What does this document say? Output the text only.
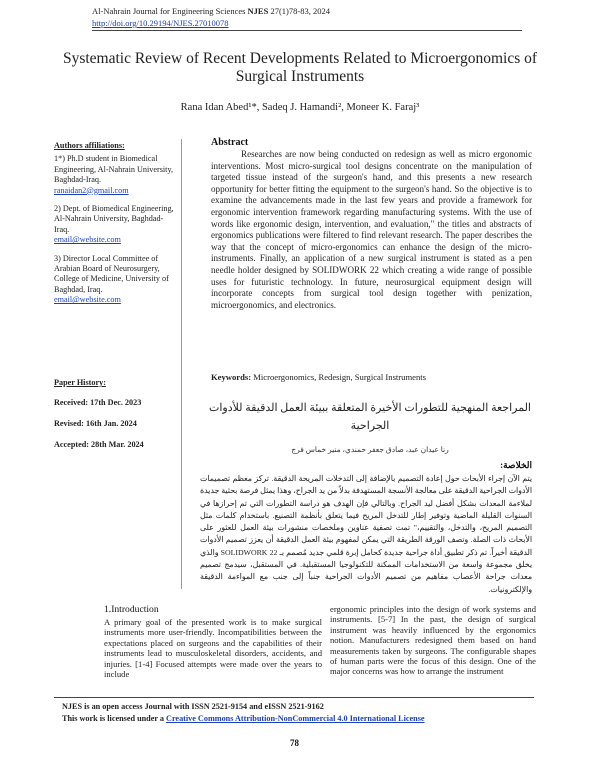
Al-Nahrain Journal for Engineering Sciences NJES 27(1)78-83, 2024
http://doi.org/10.29194/NJES.27010078
Systematic Review of Recent Developments Related to Microergonomics of Surgical Instruments
Rana Idan Abed¹*, Sadeq J. Hamandi², Moneer K. Faraj³
Authors affiliations:
1*) Ph.D student in Biomedical Engineering, Al-Nahrain University, Baghdad-Iraq.
ranaidan2@gmail.com
2) Dept. of Biomedical Engineering, Al-Nahrain University, Baghdad-Iraq.
email@website.com
3) Director Local Committee of Arabian Board of Neurosurgery, College of Medicine, University of Baghdad, Iraq.
email@website.com
Paper History:
Received: 17th Dec. 2023
Revised: 16th Jan. 2024
Accepted: 28th Mar. 2024
Abstract
Researches are now being conducted on redesign as well as micro ergonomic interventions. Most micro-surgical tool designs concentrate on the manipulation of targeted tissue instead of the surgeon's hand, and this presents a new research opportunity for better fitting the equipment to the surgeon's hand. So the objective is to examine the advancements made in the last few years and provide a framework for ergonomic intervention framework regarding manufacturing systems. With the use of words like ergonomic design, intervention, and evaluation," the titles and abstracts of ergonomics publications were filtered to find relevant research. The paper describes the way that the concept of micro-ergonomics can enhance the design of the micro-instruments. Finally, an application of a new surgical instrument is stated as a pen needle holder designed by SOLIDWORK 22 which creating a wide range of possible uses for futuristic technology. In future, neurosurgical equipment design will incorporate concepts from surgical tool design together with penization, microergonomics, and electronics.
Keywords: Microergonomics, Redesign, Surgical Instruments
المراجعة المنهجية للتطورات الأخيرة المتعلقة ببيئة العمل الدقيقة للأدوات الجراحية
رنا عيدان عبد، صادق جعفر حمندي، منير خماس فرج
الخلاصة:
يتم الآن إجراء الأبحاث حول إعادة التصميم بالإضافة إلى التدخلات المريحة الدقيقة. تركز معظم تصميمات الأدوات الجراحية الدقيقة على معالجة الأنسجة المستهدفة بدلاً من يد الجراح، وهذا يمثل فرصة بحثية جديدة لملاءمة المعدات بشكل أفضل ليد الجراح. وبالتالي فإن الهدف هو دراسة التطورات التي تم إحرازها في السنوات القليلة الماضية وتوفير إطار للتدخل المريح فيما يتعلق بأنظمة التصنيع. باستخدام كلمات مثل التصميم المريح، والتدخل، والتقييم،" تمت تصفية عناوين وملخصات منشورات بيئة العمل للعثور على الأبحاث ذات الصلة. وتصف الورقة الطريقة التي يمكن لمفهوم بيئة العمل الدقيقة أن يعزز تصميم الأدوات الدقيقة أخيراً. تم ذكر تطبيق أداة جراحية جديدة كحامل إبرة قلمي جديد مُصمم بـ SOLIDWORK 22 والذي يخلق مجموعة واسعة من الاستخدامات الممكنة للتكنولوجيا المستقبلية. في المستقبل، سيدمج تصميم معدات جراحة الأعصاب مفاهيم من تصميم الأدوات الجراحية جنباً إلى جنب مع المواءمة الدقيقة والإلكترونيات.
1.Introduction
A primary goal of the presented work is to make surgical instruments more user-friendly. Incompatibilities between the expectations placed on surgeons and the capabilities of their instruments lead to musculoskeletal disorders, accidents, and injuries. [1-4] Focused attempts were made over the years to include
ergonomic principles into the design of work systems and instruments. [5-7] In the past, the design of surgical instrument was heavily influenced by the ergonomics notion. Manufacturers redesigned them based on hand measurements taken by surgeons. The configurable shapes of human parts were the focus of this design. One of the major concerns was how to arrange the instrument
NJES is an open access Journal with ISSN 2521-9154 and eISSN 2521-9162
This work is licensed under a Creative Commons Attribution-NonCommercial 4.0 International License
78
